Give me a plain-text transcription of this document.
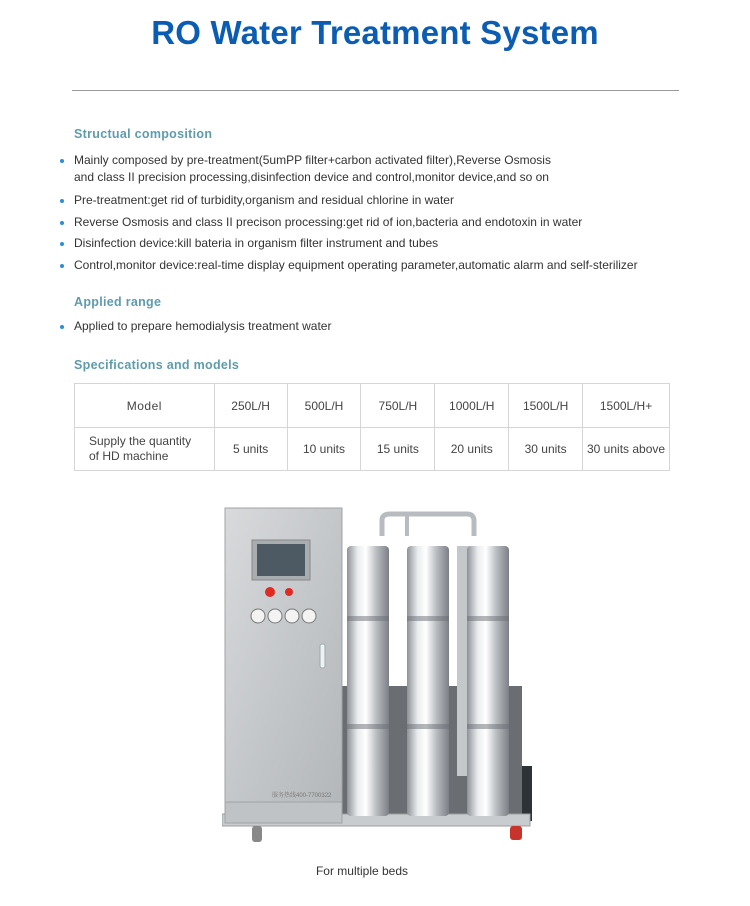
RO Water Treatment System
Structual composition
Mainly composed by pre-treatment(5umPP filter+carbon activated filter),Reverse Osmosis
and class II precision processing,disinfection device and control,monitor device,and so on
Pre-treatment:get rid of turbidity,organism and residual chlorine in water
Reverse Osmosis and class II precison processing:get rid of ion,bacteria and endotoxin in water
Disinfection device:kill bateria in organism filter instrument and tubes
Control,monitor device:real-time display equipment operating parameter,automatic alarm and self-sterilizer
Applied range
Applied to prepare hemodialysis treatment water
Specifications and models
Model	250L/H	500L/H	750L/H	1000L/H	1500L/H	1500L/H+
Supply the quantity
of HD machine	5 units	10 units	15 units	20 units	30 units	30 units above
服务热线400-7700322
For multiple beds
